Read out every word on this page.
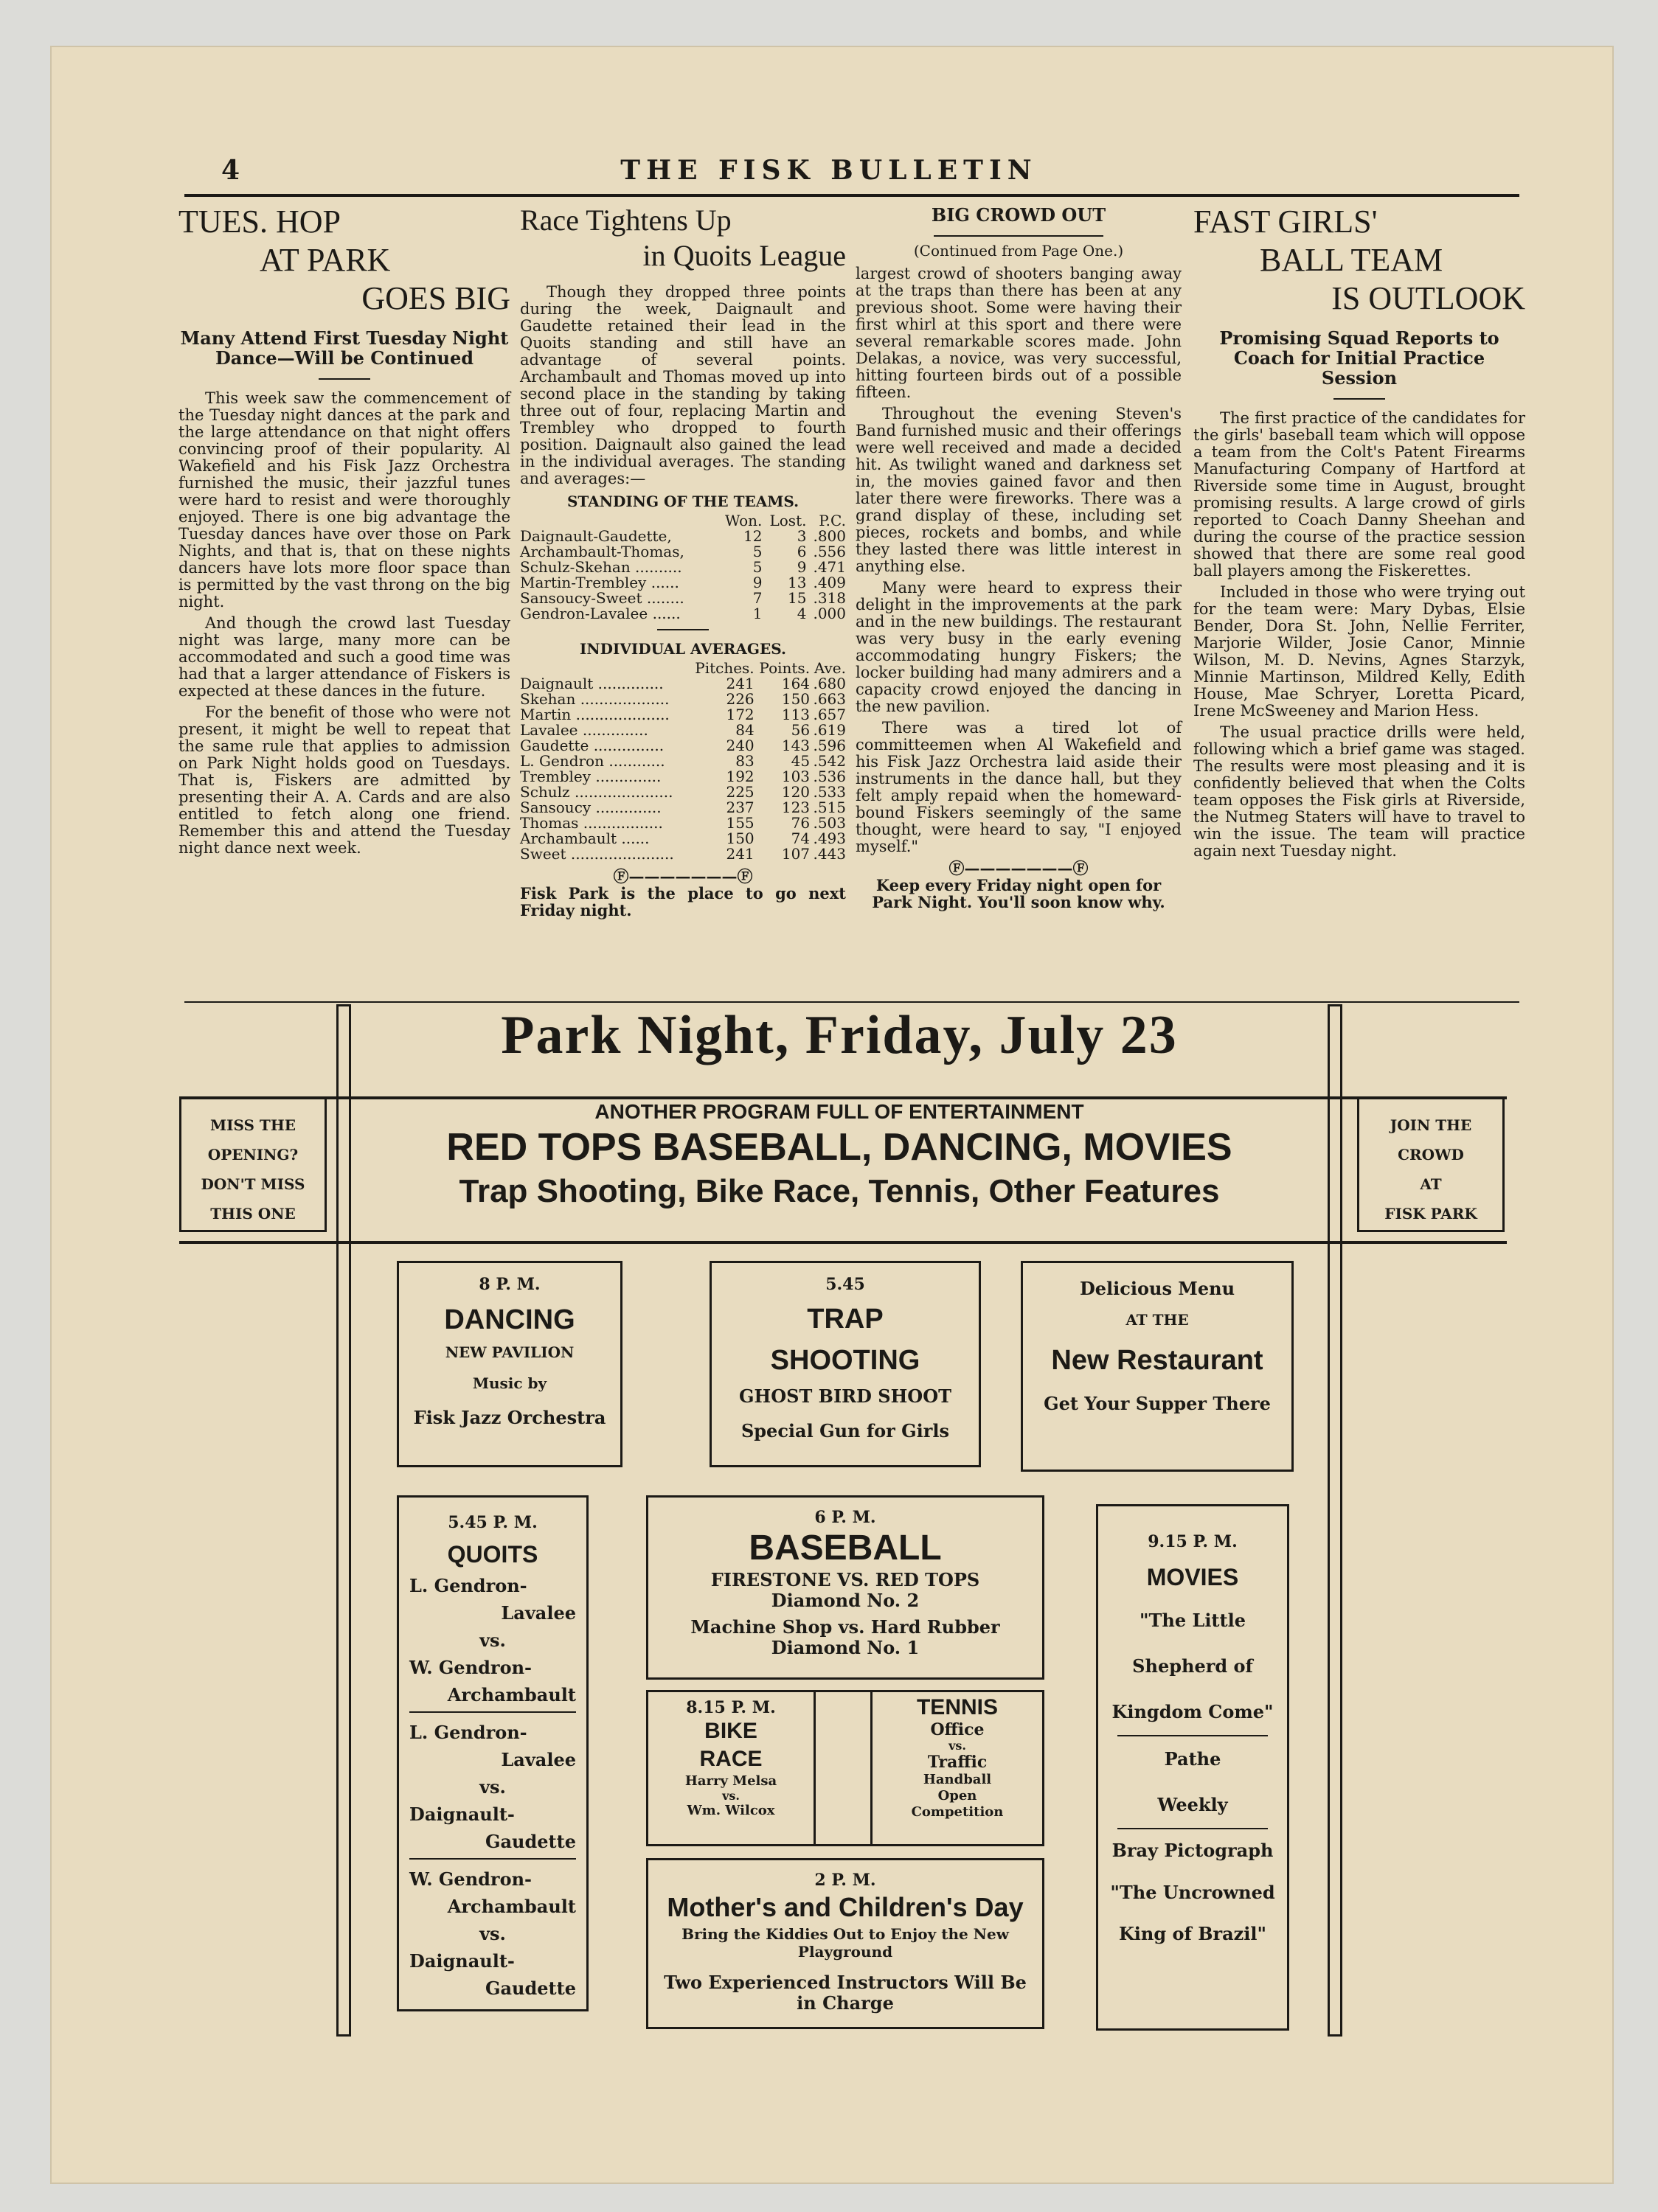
4	THE FISK BULLETIN
TUES. HOP
AT PARK
GOES BIG
Many Attend First Tuesday Night Dance—Will be Continued

This week saw the commencement of the Tuesday night dances at the park and the large attendance on that night offers convincing proof of their popularity. Al Wakefield and his Fisk Jazz Orchestra furnished the music, their jazzful tunes were hard to resist and were thoroughly enjoyed. There is one big advantage the Tuesday dances have over those on Park Nights, and that is, that on these nights dancers have lots more floor space than is permitted by the vast throng on the big night.

And though the crowd last Tuesday night was large, many more can be accommodated and such a good time was had that a larger attendance of Fiskers is expected at these dances in the future.

For the benefit of those who were not present, it might be well to repeat that the same rule that applies to admission on Park Night holds good on Tuesdays. That is, Fiskers are admitted by presenting their A. A. Cards and are also entitled to fetch along one friend. Remember this and attend the Tuesday night dance next week.

Race Tightens Up
in Quoits League

Though they dropped three points during the week, Daignault and Gaudette retained their lead in the Quoits standing and still have an advantage of several points. Archambault and Thomas moved up into second place in the standing by taking three out of four, replacing Martin and Trembley who dropped to fourth position. Daignault also gained the lead in the individual averages. The standing and averages:—

STANDING OF THE TEAMS.
	Won.	Lost.	P.C.
Daignault-Gaudette,	12	3	.800
Archambault-Thomas,	5	6	.556
Schulz-Skehan ..........	5	9	.471
Martin-Trembley ......	9	13	.409
Sansoucy-Sweet ........	7	15	.318
Gendron-Lavalee ......	1	4	.000
INDIVIDUAL AVERAGES.
	Pitches.	Points.	Ave.
Daignault ..............	241	164	.680
Skehan ...................	226	150	.663
Martin ....................	172	113	.657
Lavalee ..............	84	56	.619
Gaudette ...............	240	143	.596
L. Gendron ............	83	45	.542
Trembley ..............	192	103	.536
Schulz .....................	225	120	.533
Sansoucy ..............	237	123	.515
Thomas .................	155	76	.503
Archambault ......	150	74	.493
Sweet ......................	241	107	.443
Ⓕ———————Ⓕ
Fisk Park is the place to go next Friday night.
BIG CROWD OUT
(Continued from Page One.)

largest crowd of shooters banging away at the traps than there has been at any previous shoot. Some were having their first whirl at this sport and there were several remarkable scores made. John Delakas, a novice, was very successful, hitting fourteen birds out of a possible fifteen.

Throughout the evening Steven's Band furnished music and their offerings were well received and made a decided hit. As twilight waned and darkness set in, the movies gained favor and then later there were fireworks. There was a grand display of these, including set pieces, rockets and bombs, and while they lasted there was little interest in anything else.

Many were heard to express their delight in the improvements at the park and in the new buildings. The restaurant was very busy in the early evening accommodating hungry Fiskers; the locker building had many admirers and a capacity crowd enjoyed the dancing in the new pavilion.

There was a tired lot of committeemen when Al Wakefield and his Fisk Jazz Orchestra laid aside their instruments in the dance hall, but they felt amply repaid when the homeward-bound Fiskers seemingly of the same thought, were heard to say, "I enjoyed myself."

Ⓕ———————Ⓕ
Keep every Friday night open for Park Night. You'll soon know why.
FAST GIRLS'
BALL TEAM
IS OUTLOOK
Promising Squad Reports to Coach for Initial Practice Session

The first practice of the candidates for the girls' baseball team which will oppose a team from the Colt's Patent Firearms Manufacturing Company of Hartford at Riverside some time in August, brought promising results. A large crowd of girls reported to Coach Danny Sheehan and during the course of the practice session showed that there are some real good ball players among the Fiskerettes.

Included in those who were trying out for the team were: Mary Dybas, Elsie Bender, Dora St. John, Nellie Ferriter, Marjorie Wilder, Josie Canor, Minnie Wilson, M. D. Nevins, Agnes Starzyk, Minnie Martinson, Mildred Kelly, Edith House, Mae Schryer, Loretta Picard, Irene McSweeney and Marion Hess.

The usual practice drills were held, following which a brief game was staged. The results were most pleasing and it is confidently believed that when the Colts team opposes the Fisk girls at Riverside, the Nutmeg Staters will have to travel to win the issue. The team will practice again next Tuesday night.

Park Night, Friday, July 23
MISS THE
OPENING?
DON'T MISS
THIS ONE
JOIN THE
CROWD
AT
FISK PARK
ANOTHER PROGRAM FULL OF ENTERTAINMENT
RED TOPS BASEBALL, DANCING, MOVIES
Trap Shooting, Bike Race, Tennis, Other Features
8 P. M.
DANCING
NEW PAVILION
Music by
Fisk Jazz Orchestra
5.45
TRAP
SHOOTING
GHOST BIRD SHOOT
Special Gun for Girls
Delicious Menu
AT THE
New Restaurant
Get Your Supper There
5.45 P. M.
QUOITS
L. Gendron-
Lavalee
vs.
W. Gendron-
Archambault
L. Gendron-
Lavalee
vs.
Daignault-
Gaudette
W. Gendron-
Archambault
vs.
Daignault-
Gaudette
6 P. M.
BASEBALL
FIRESTONE VS. RED TOPS
Diamond No. 2
Machine Shop vs. Hard Rubber
Diamond No. 1
8.15 P. M.
BIKE
RACE
Harry Melsa
vs.
Wm. Wilcox
TENNIS
Office
vs.
Traffic
Handball
Open
Competition
2 P. M.
Mother's and Children's Day
Bring the Kiddies Out to Enjoy the New Playground
Two Experienced Instructors Will Be in Charge
9.15 P. M.
MOVIES
"The Little
Shepherd of
Kingdom Come"
Pathe
Weekly
Bray Pictograph
"The Uncrowned
King of Brazil"
